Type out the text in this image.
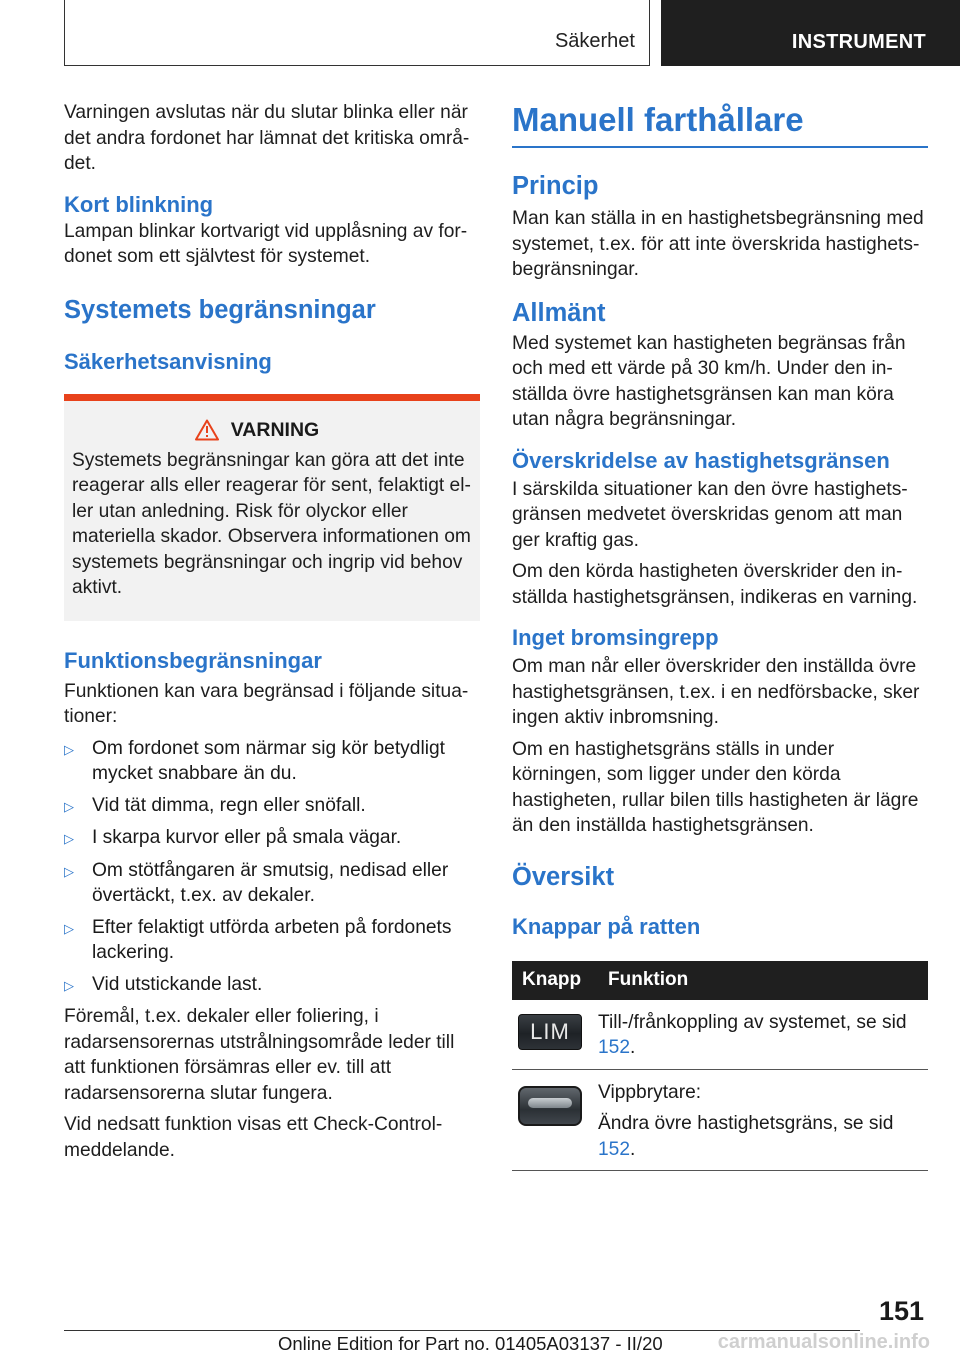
Säkerhet	INSTRUMENT

Varningen avslutas när du slutar blinka eller när det andra fordonet har lämnat det kritiska området.

Kort blinkning

Lampan blinkar kortvarigt vid upplåsning av fordonet som ett självtest för systemet.

Systemets begränsningar
Säkerhetsanvisning
VARNING

Systemets begränsningar kan göra att det inte reagerar alls eller reagerar för sent, felaktigt eller utan anledning. Risk för olyckor eller materiella skador. Observera informationen om systemets begränsningar och ingrip vid behov aktivt.

Funktionsbegränsningar

Funktionen kan vara begränsad i följande situationer:

▷ Om fordonet som närmar sig kör betydligt mycket snabbare än du.
▷ Vid tät dimma, regn eller snöfall.
▷ I skarpa kurvor eller på smala vägar.
▷ Om stötfångaren är smutsig, nedisad eller övertäckt, t.ex. av dekaler.
▷ Efter felaktigt utförda arbeten på fordonets lackering.
▷ Vid utstickande last.

Föremål, t.ex. dekaler eller foliering, i radarsensorernas utstrålningsområde leder till att funktionen försämras eller ev. till att radarsensorerna slutar fungera.

Vid nedsatt funktion visas ett Check-Control-meddelande.

Manuell farthållare
Princip

Man kan ställa in en hastighetsbegränsning med systemet, t.ex. för att inte överskrida hastighetsbegränsningar.

Allmänt

Med systemet kan hastigheten begränsas från och med ett värde på 30 km/h. Under den inställda övre hastighetsgränsen kan man köra utan några begränsningar.

Överskridelse av hastighetsgränsen

I särskilda situationer kan den övre hastighetsgränsen medvetet överskridas genom att man ger kraftig gas.

Om den körda hastigheten överskrider den inställda hastighetsgränsen, indikeras en varning.

Inget bromsingrepp

Om man når eller överskrider den inställda övre hastighetsgränsen, t.ex. i en nedförsbacke, sker ingen aktiv inbromsning.

Om en hastighetsgräns ställs in under körningen, som ligger under den körda hastigheten, rullar bilen tills hastigheten är lägre än den inställda hastighetsgränsen.

Översikt
Knappar på ratten
Knapp	Funktion

LIM	Till-/frånkoppling av systemet, se sid 152.

	Vippbrytare:
Ändra övre hastighetsgräns, se sid 152.
151
Online Edition for Part no. 01405A03137 - II/20	carmanualsonline.info
